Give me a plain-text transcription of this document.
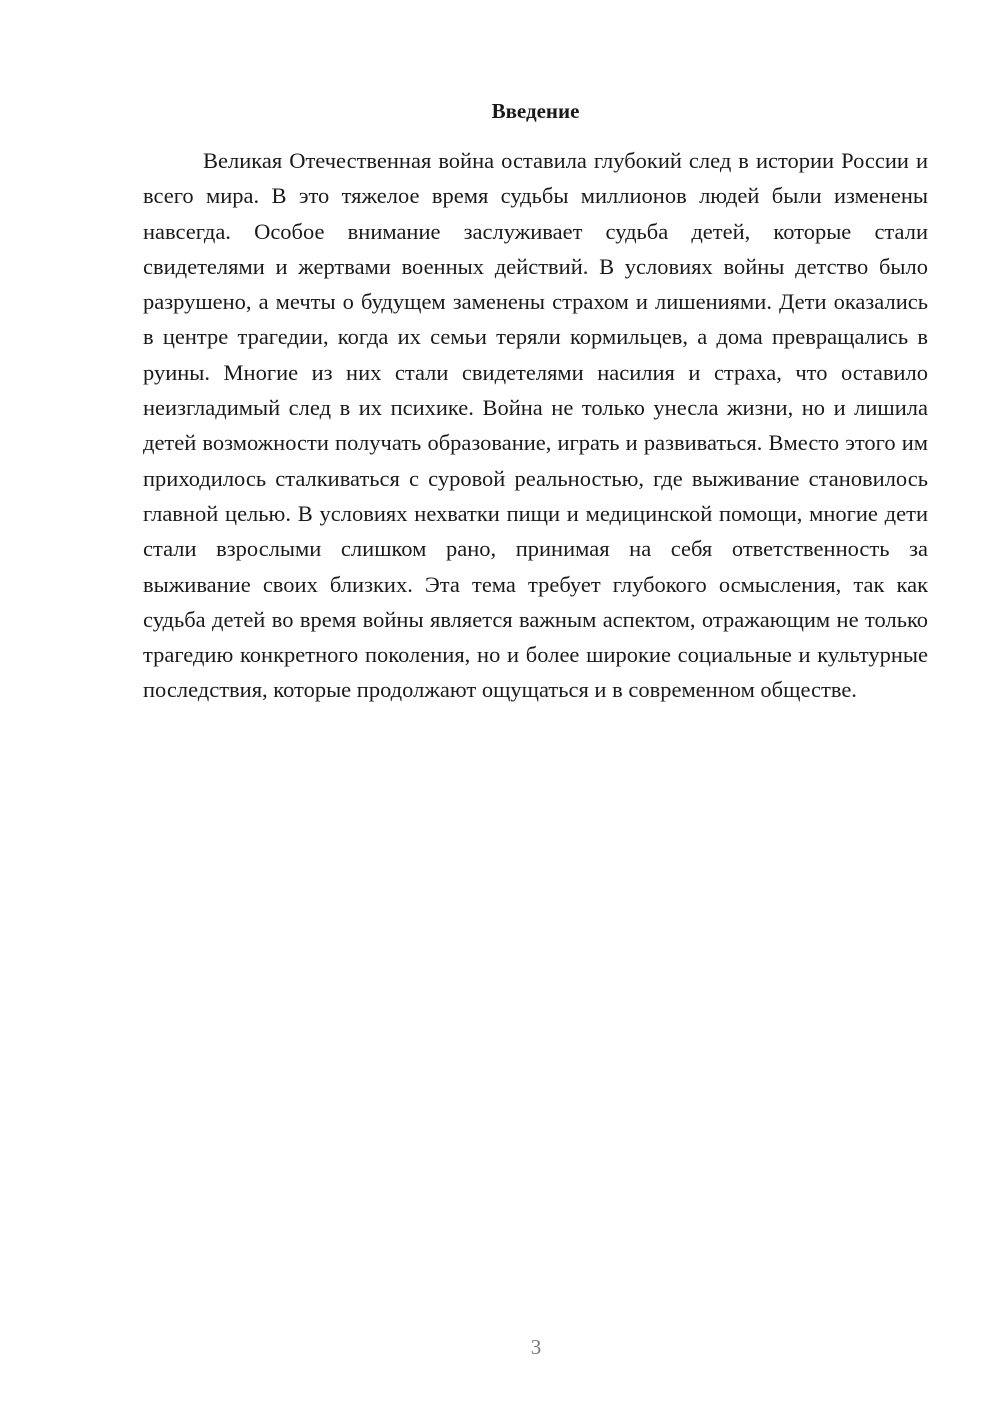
Введение

Великая Отечественная война оставила глубокий след в истории России и всего мира. В это тяжелое время судьбы миллионов людей были изменены навсегда. Особое внимание заслуживает судьба детей, которые стали свидетелями и жертвами военных действий. В условиях войны детство было разрушено, а мечты о будущем заменены страхом и лишениями. Дети оказались в центре трагедии, когда их семьи теряли кормильцев, а дома превращались в руины. Многие из них стали свидетелями насилия и страха, что оставило неизгладимый след в их психике. Война не только унесла жизни, но и лишила детей возможности получать образование, играть и развиваться. Вместо этого им приходилось сталкиваться с суровой реальностью, где выживание становилось главной целью. В условиях нехватки пищи и медицинской помощи, многие дети стали взрослыми слишком рано, принимая на себя ответственность за выживание своих близких. Эта тема требует глубокого осмысления, так как судьба детей во время войны является важным аспектом, отражающим не только трагедию конкретного поколения, но и более широкие социальные и культурные последствия, которые продолжают ощущаться и в современном обществе.

3
